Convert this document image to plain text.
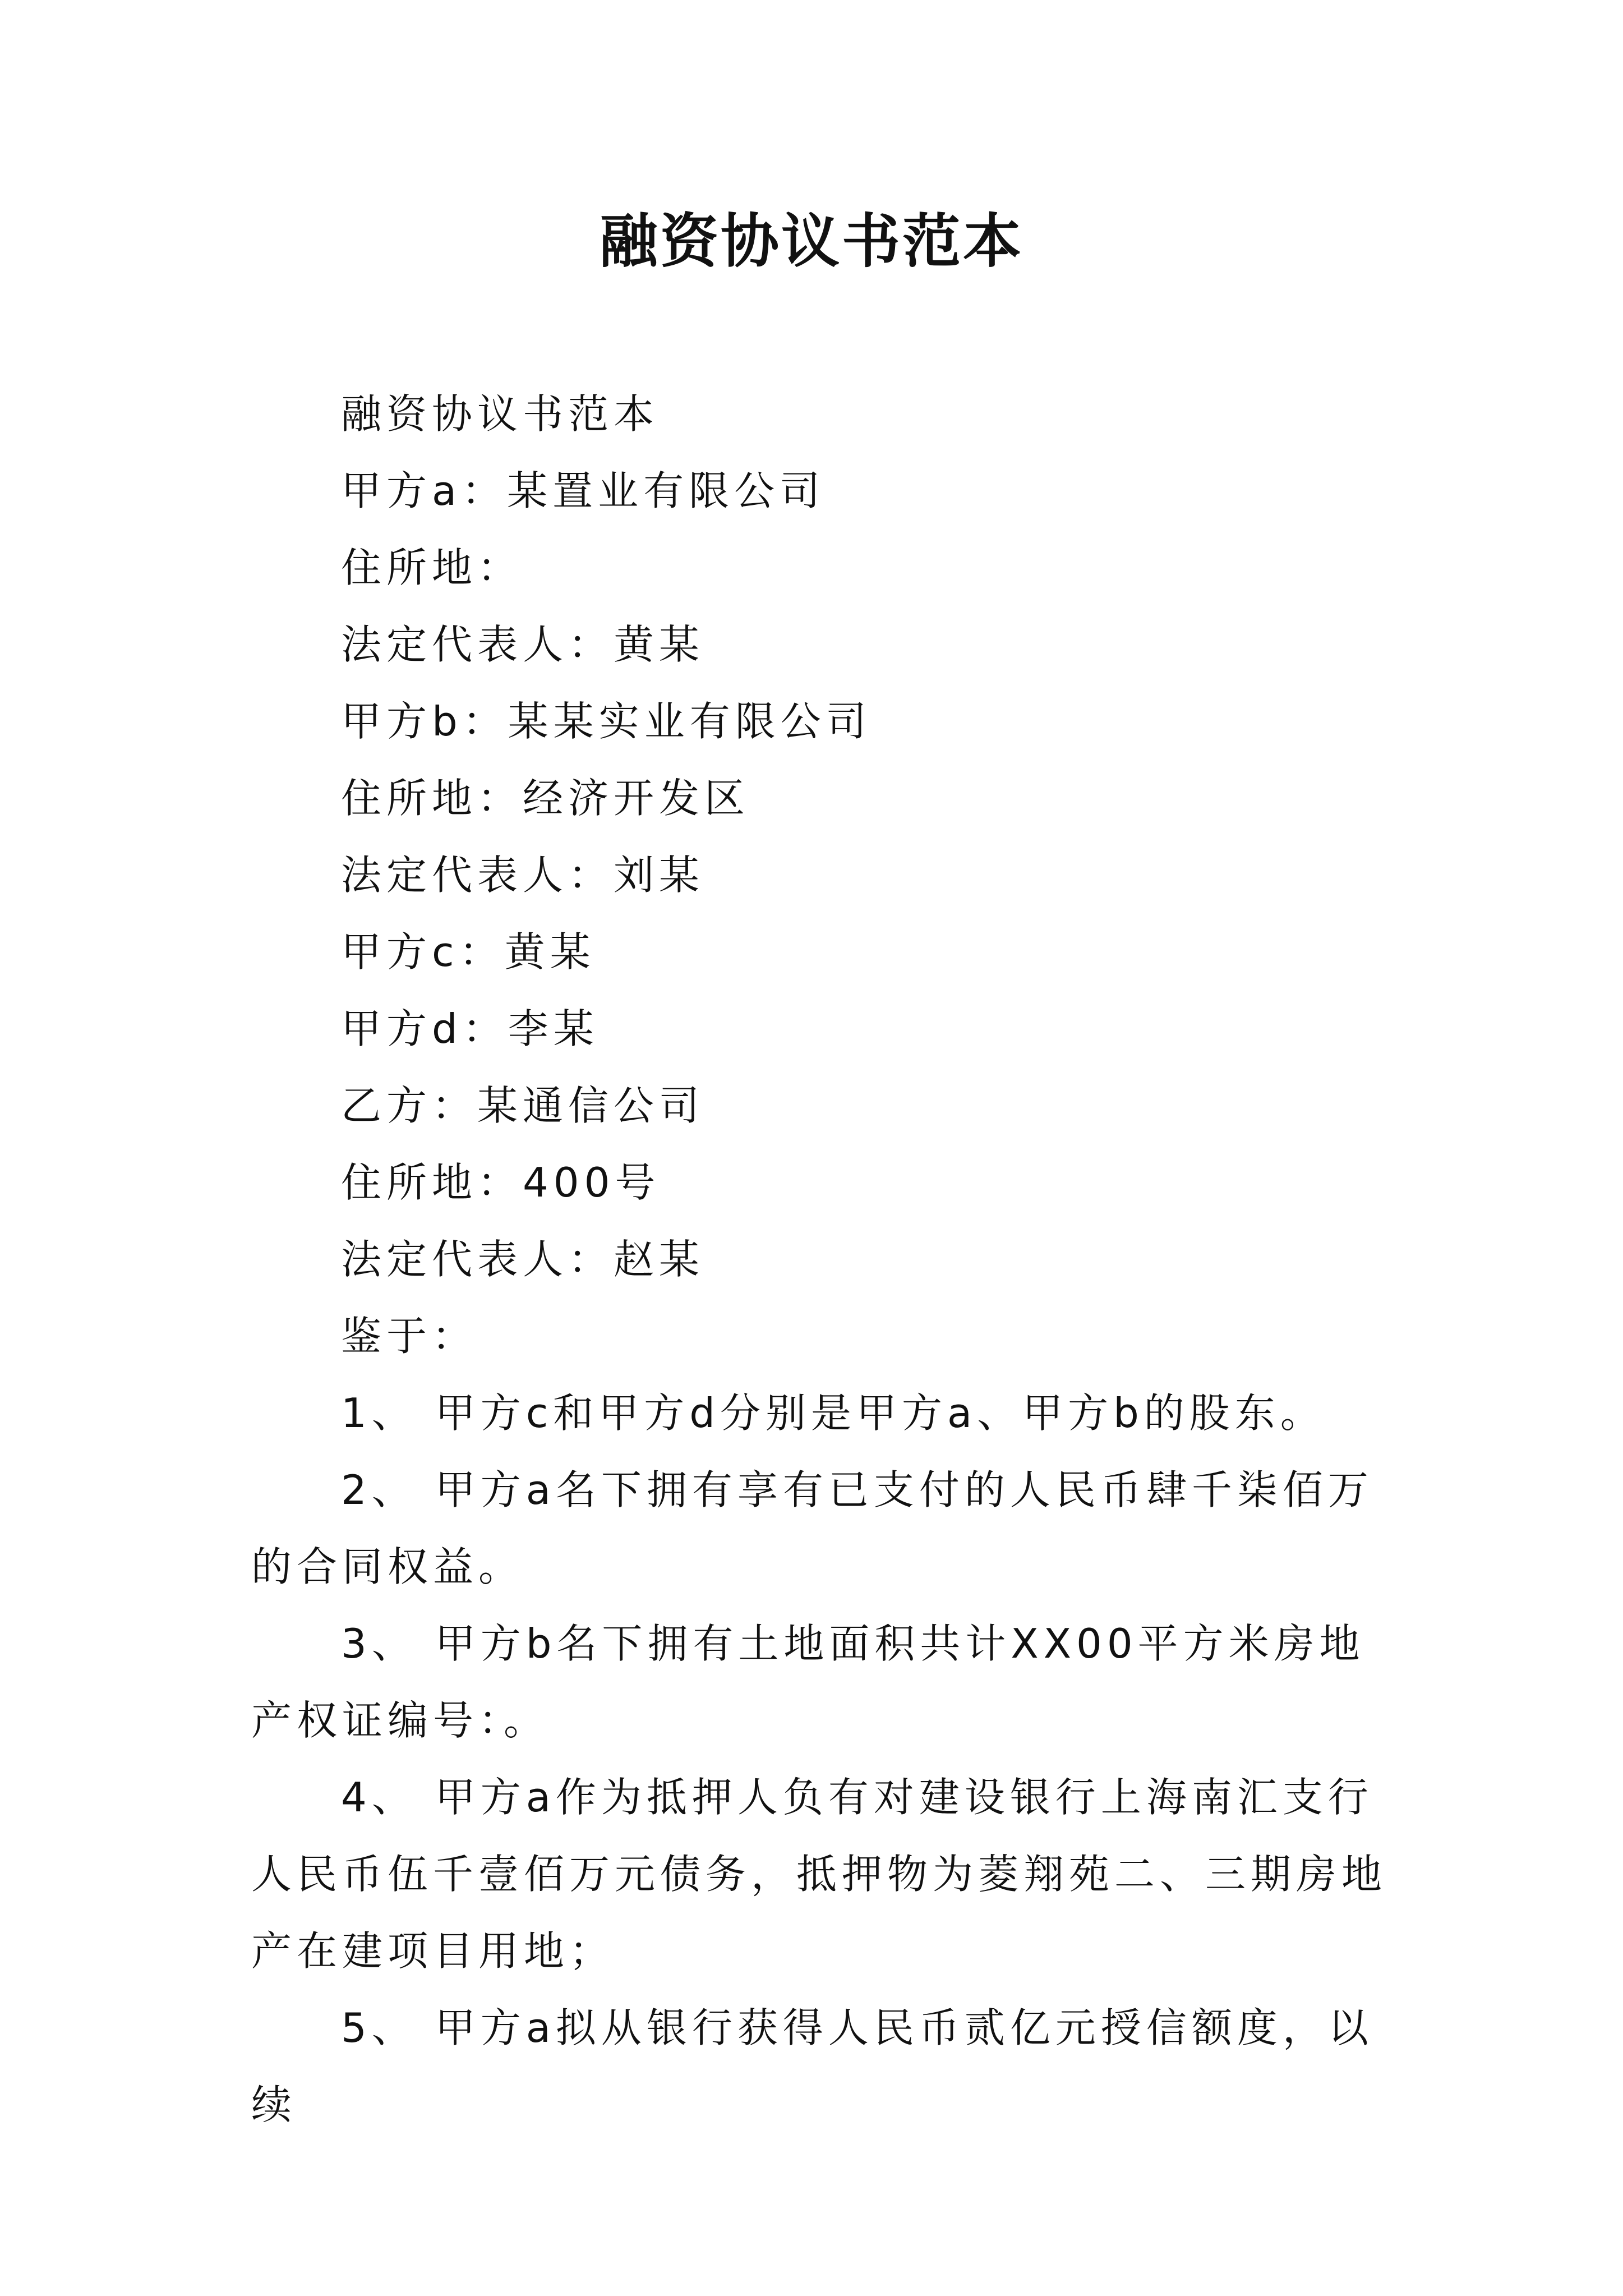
融资协议书范本

融资协议书范本

甲方a：某置业有限公司

住所地：

法定代表人：黄某

甲方b：某某实业有限公司

住所地：经济开发区

法定代表人：刘某

甲方c：黄某

甲方d：李某

乙方：某通信公司

住所地：400号

法定代表人：赵某

鉴于：

1、 甲方c和甲方d分别是甲方a、甲方b的股东。

2、 甲方a名下拥有享有已支付的人民币肆千柒佰万的合同权益。

3、 甲方b名下拥有土地面积共计XX00平方米房地产权证编号：。

4、 甲方a作为抵押人负有对建设银行上海南汇支行人民币伍千壹佰万元债务，抵押物为菱翔苑二、三期房地产在建项目用地；

5、 甲方a拟从银行获得人民币贰亿元授信额度，以续
